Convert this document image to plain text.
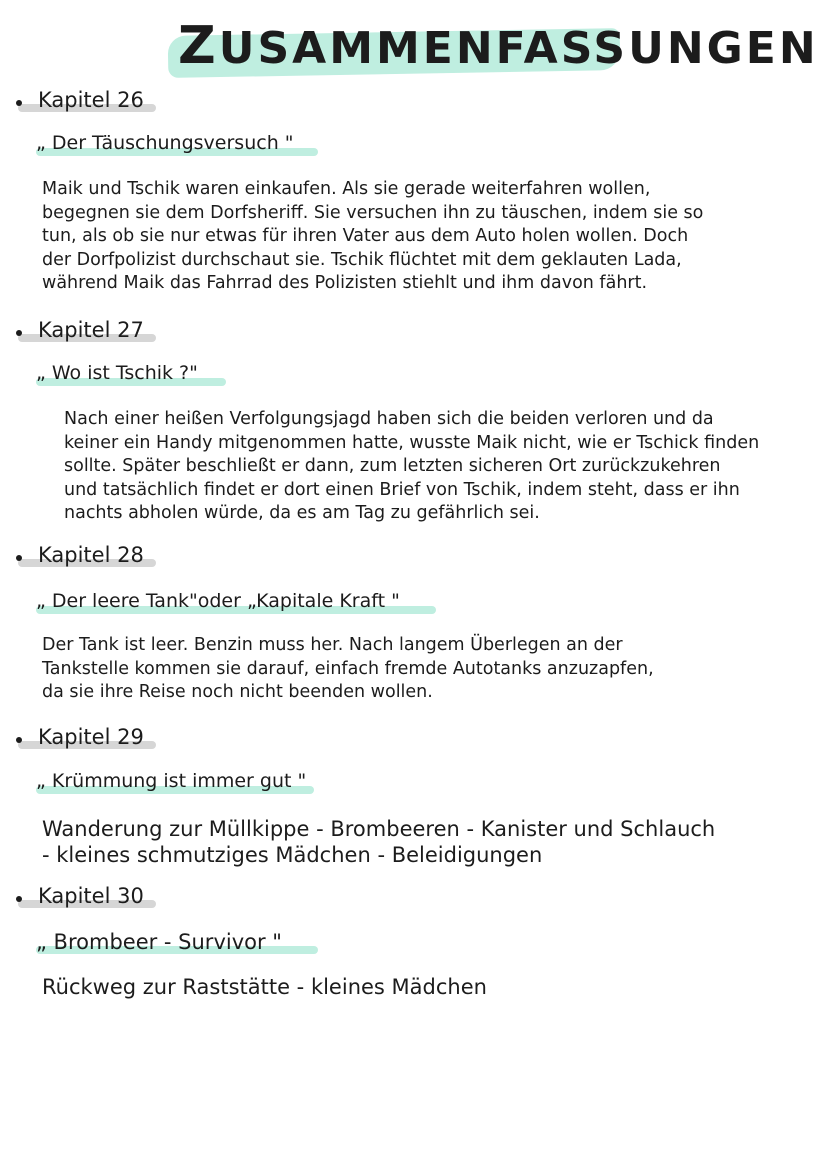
ZUSAMMENFASSUNGEN
Kapitel 26
„ Der Täuschungsversuch "
Maik und Tschik waren einkaufen. Als sie gerade weiterfahren wollen,
begegnen sie dem Dorfsheriff. Sie versuchen ihn zu täuschen, indem sie so
tun, als ob sie nur etwas für ihren Vater aus dem Auto holen wollen. Doch
der Dorfpolizist durchschaut sie. Tschik flüchtet mit dem geklauten Lada,
während Maik das Fahrrad des Polizisten stiehlt und ihm davon fährt.
Kapitel 27
„ Wo ist Tschik ?"
Nach einer heißen Verfolgungsjagd haben sich die beiden verloren und da
keiner ein Handy mitgenommen hatte, wusste Maik nicht, wie er Tschick finden
sollte. Später beschließt er dann, zum letzten sicheren Ort zurückzukehren
und tatsächlich findet er dort einen Brief von Tschik, indem steht, dass er ihn
nachts abholen würde, da es am Tag zu gefährlich sei.
Kapitel 28
„ Der leere Tank"oder „Kapitale Kraft "
Der Tank ist leer. Benzin muss her. Nach langem Überlegen an der
Tankstelle kommen sie darauf, einfach fremde Autotanks anzuzapfen,
da sie ihre Reise noch nicht beenden wollen.
Kapitel 29
„ Krümmung ist immer gut "
Wanderung zur Müllkippe - Brombeeren - Kanister und Schlauch
- kleines schmutziges Mädchen - Beleidigungen
Kapitel 30
„ Brombeer - Survivor "
Rückweg zur Raststätte - kleines Mädchen
